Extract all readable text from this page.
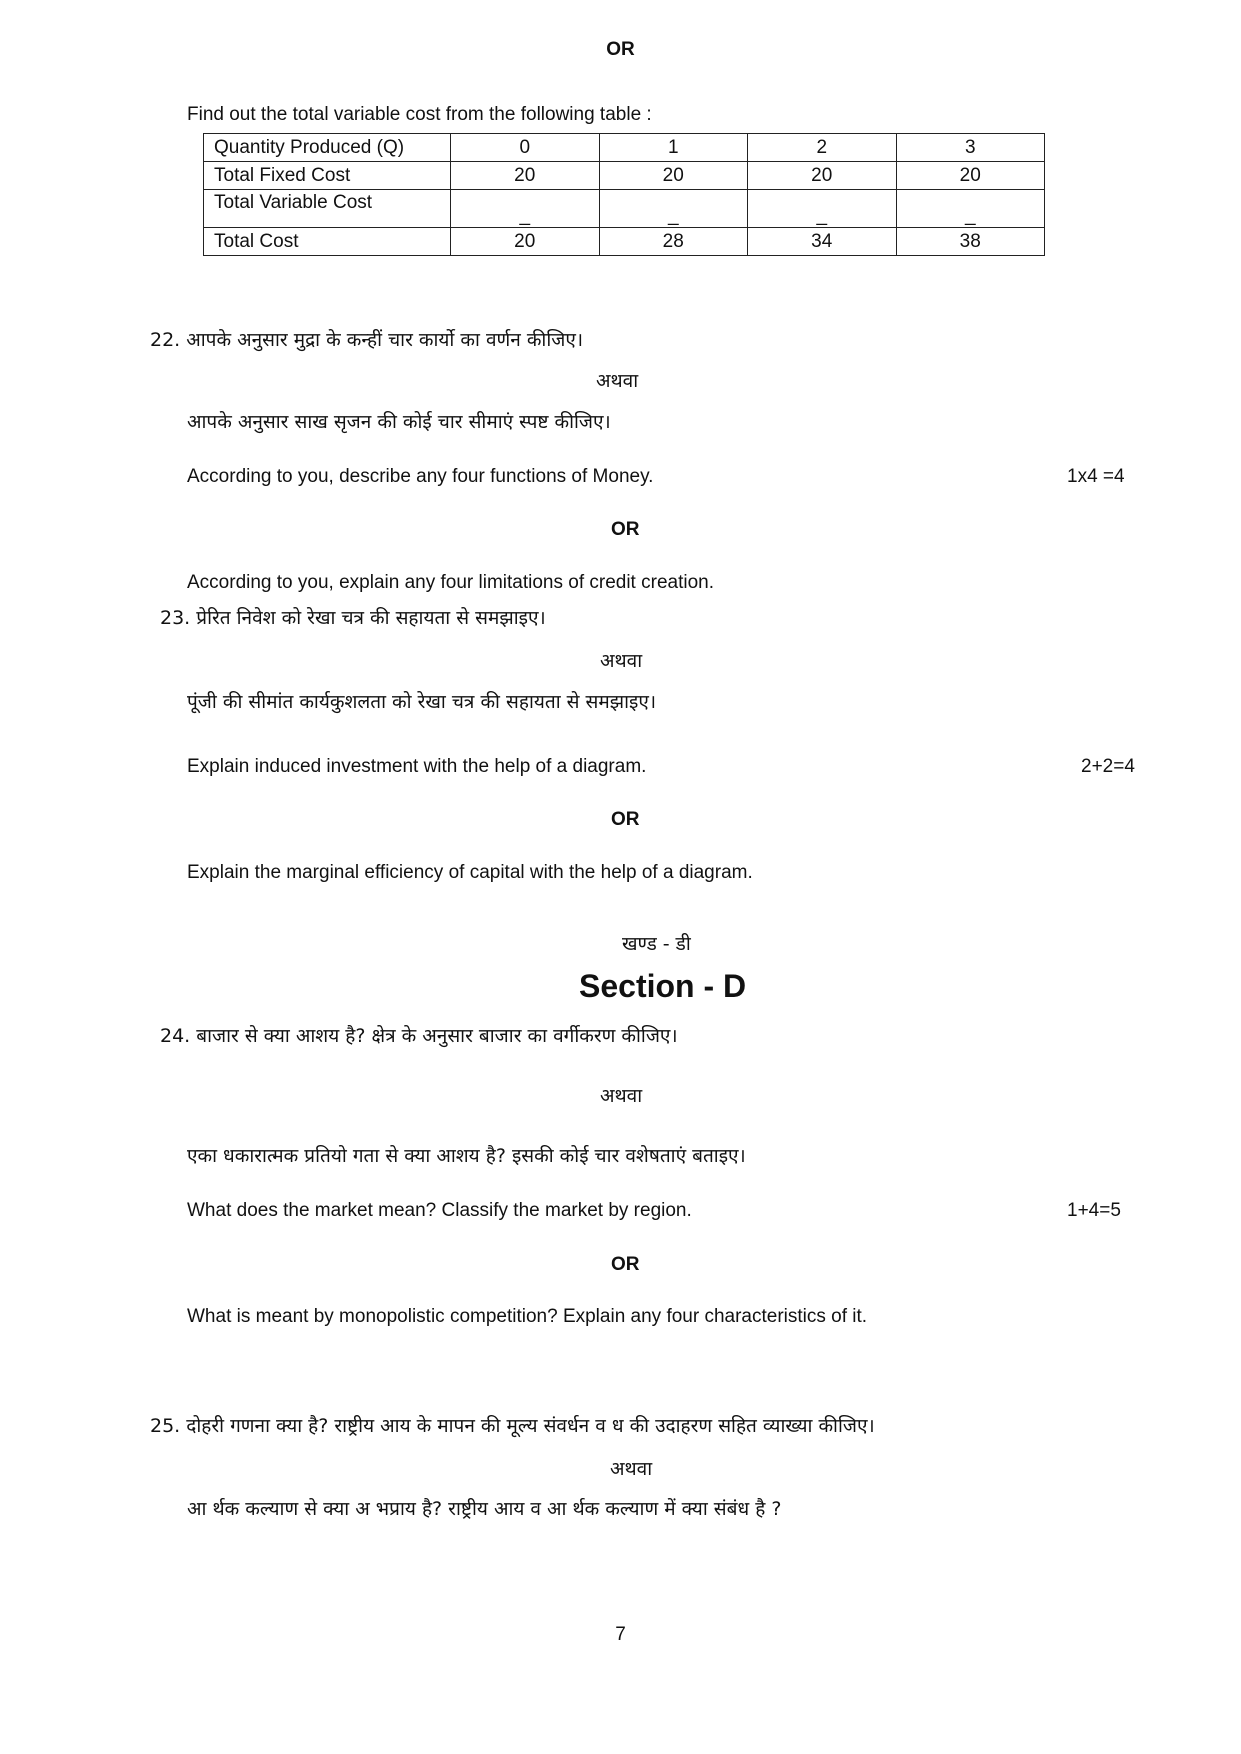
OR
Find out the total variable cost from the following table :
Quantity Produced (Q)	0	1	2	3
Total Fixed Cost	20	20	20	20
Total Variable Cost	_	_	_	_
Total Cost	20	28	34	38
22. आपके अनुसार मुद्रा के कन्हीं चार कार्यो का वर्णन कीजिए।
अथवा
आपके अनुसार साख सृजन की कोई चार सीमाएं स्पष्ट कीजिए।
According to you, describe any four functions of Money.	1x4 =4
OR
According to you, explain any four limitations of credit creation.
23. प्रेरित निवेश को रेखा चत्र की सहायता से समझाइए।
अथवा
पूंजी की सीमांत कार्यकुशलता को रेखा चत्र की सहायता से समझाइए।
Explain induced investment with the help of a diagram.	2+2=4
OR
Explain the marginal efficiency of capital with the help of a diagram.
खण्ड - डी
Section - D
24. बाजार से क्या आशय है? क्षेत्र के अनुसार बाजार का वर्गीकरण कीजिए।
अथवा
एका धकारात्मक प्रतियो गता से क्या आशय है? इसकी कोई चार वशेषताएं बताइए।
What does the market mean? Classify the market by region.	1+4=5
OR
What is meant by monopolistic competition? Explain any four characteristics of it.
25. दोहरी गणना क्या है? राष्ट्रीय आय के मापन की मूल्य संवर्धन व ध की उदाहरण सहित व्याख्या कीजिए।
अथवा
आ र्थक कल्याण से क्या अ भप्राय है? राष्ट्रीय आय व आ र्थक कल्याण में क्या संबंध है ?
7
